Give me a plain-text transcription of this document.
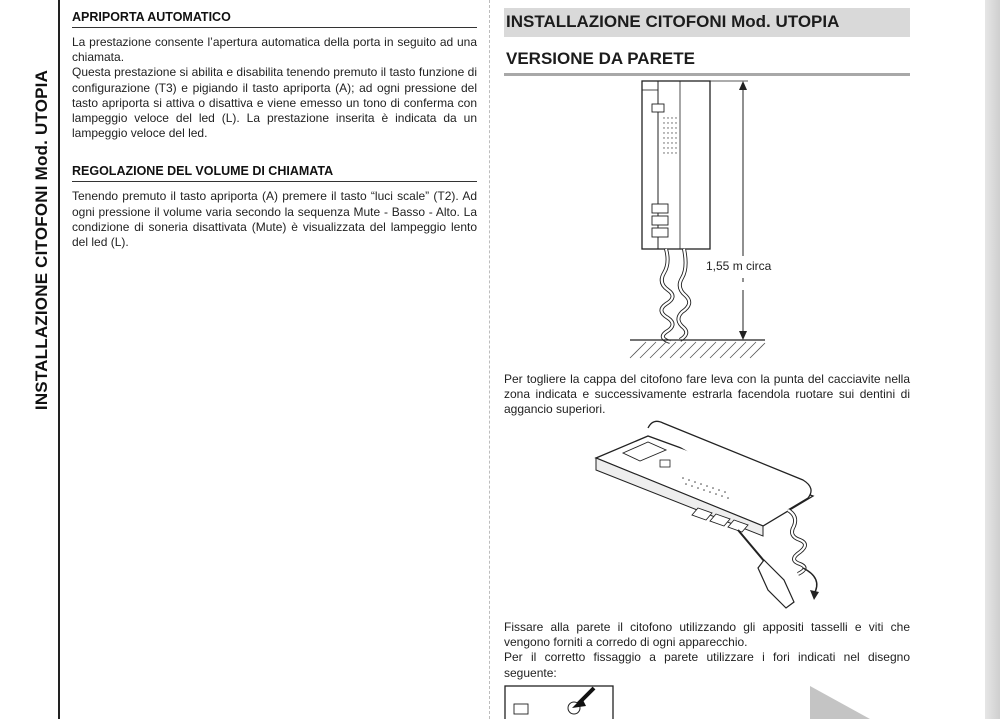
INSTALLAZIONE CITOFONI Mod. UTOPIA
APRIPORTA AUTOMATICO

La prestazione consente l’apertura automatica della porta in seguito ad una chiamata.
Questa prestazione si abilita e disabilita tenendo premuto il tasto funzione di configurazione (T3) e pigiando il tasto apriporta (A); ad ogni pressione del tasto apriporta si attiva o disattiva e viene emesso un tono di conferma con lampeggio veloce del led (L). La prestazione inserita è indicata da un lampeggio veloce del led.

REGOLAZIONE DEL VOLUME DI CHIAMATA

Tenendo premuto il tasto apriporta (A) premere il tasto “luci scale” (T2). Ad ogni pressione il volume varia secondo la sequenza Mute - Basso - Alto. La condizione di soneria disattivata (Mute) è visualizzata del lampeggio lento del led (L).

INSTALLAZIONE CITOFONI Mod. UTOPIA
VERSIONE DA PARETE
1,55 m circa

Per togliere la cappa del citofono fare leva con la punta del cacciavite nella zona indicata e successivamente estrarla facendola ruotare sui dentini di aggancio superiori.

Fissare alla parete il citofono utilizzando gli appositi tasselli e viti che vengono forniti a corredo di ogni apparecchio.
Per il corretto fissaggio a parete utilizzare i fori indicati nel disegno seguente:
